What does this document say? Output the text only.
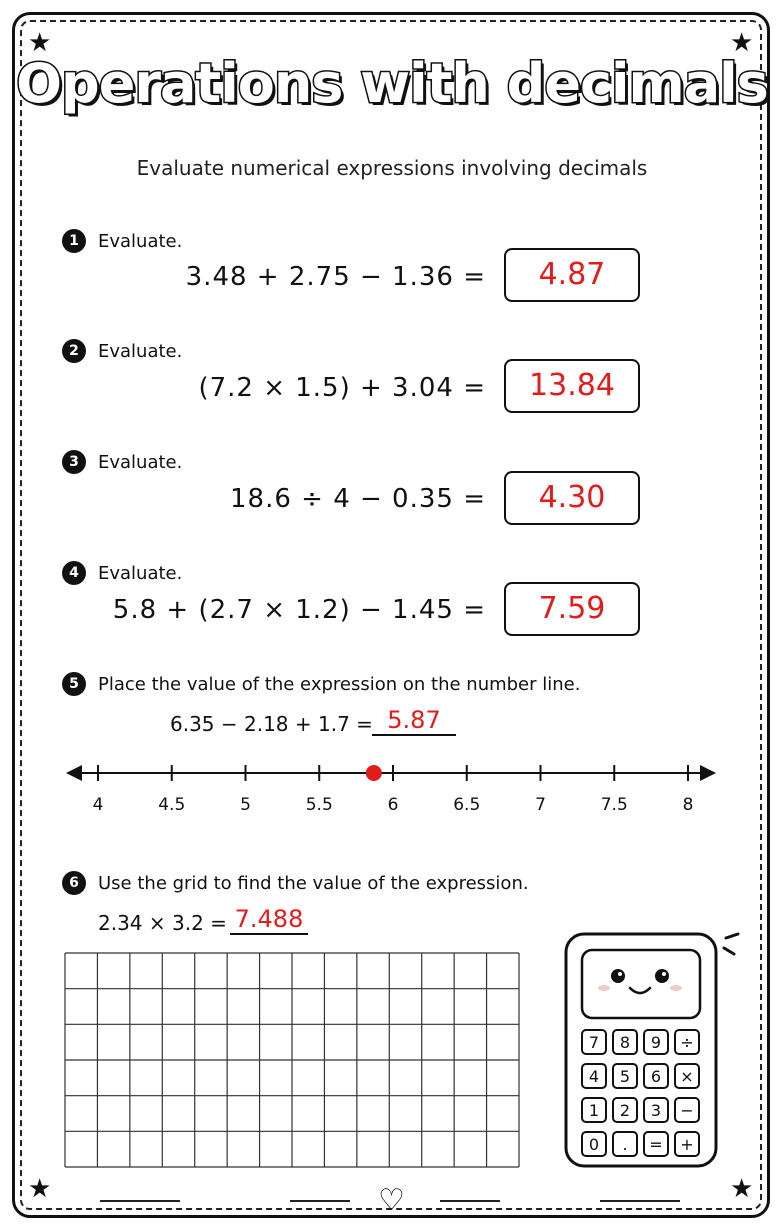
★	★
★	★
Operations with decimals
Evaluate numerical expressions involving decimals
1	Evaluate.
3.48 + 2.75 − 1.36 =	4.87
2	Evaluate.
(7.2 × 1.5) + 3.04 =	13.84
3	Evaluate.
18.6 ÷ 4 − 0.35 =	4.30
4	Evaluate.
5.8 + (2.7 × 1.2) − 1.45 =	7.59
5	Place the value of the expression on the number line.
6.35 − 2.18 + 1.7 = 5.87
4	4.5	5	5.5	6	6.5	7	7.5	8
6	Use the grid to find the value of the expression.
2.34 × 3.2 = 7.488
7 8 9 ÷
4 5 6 ×
1 2 3 −
0 . = +
♡
